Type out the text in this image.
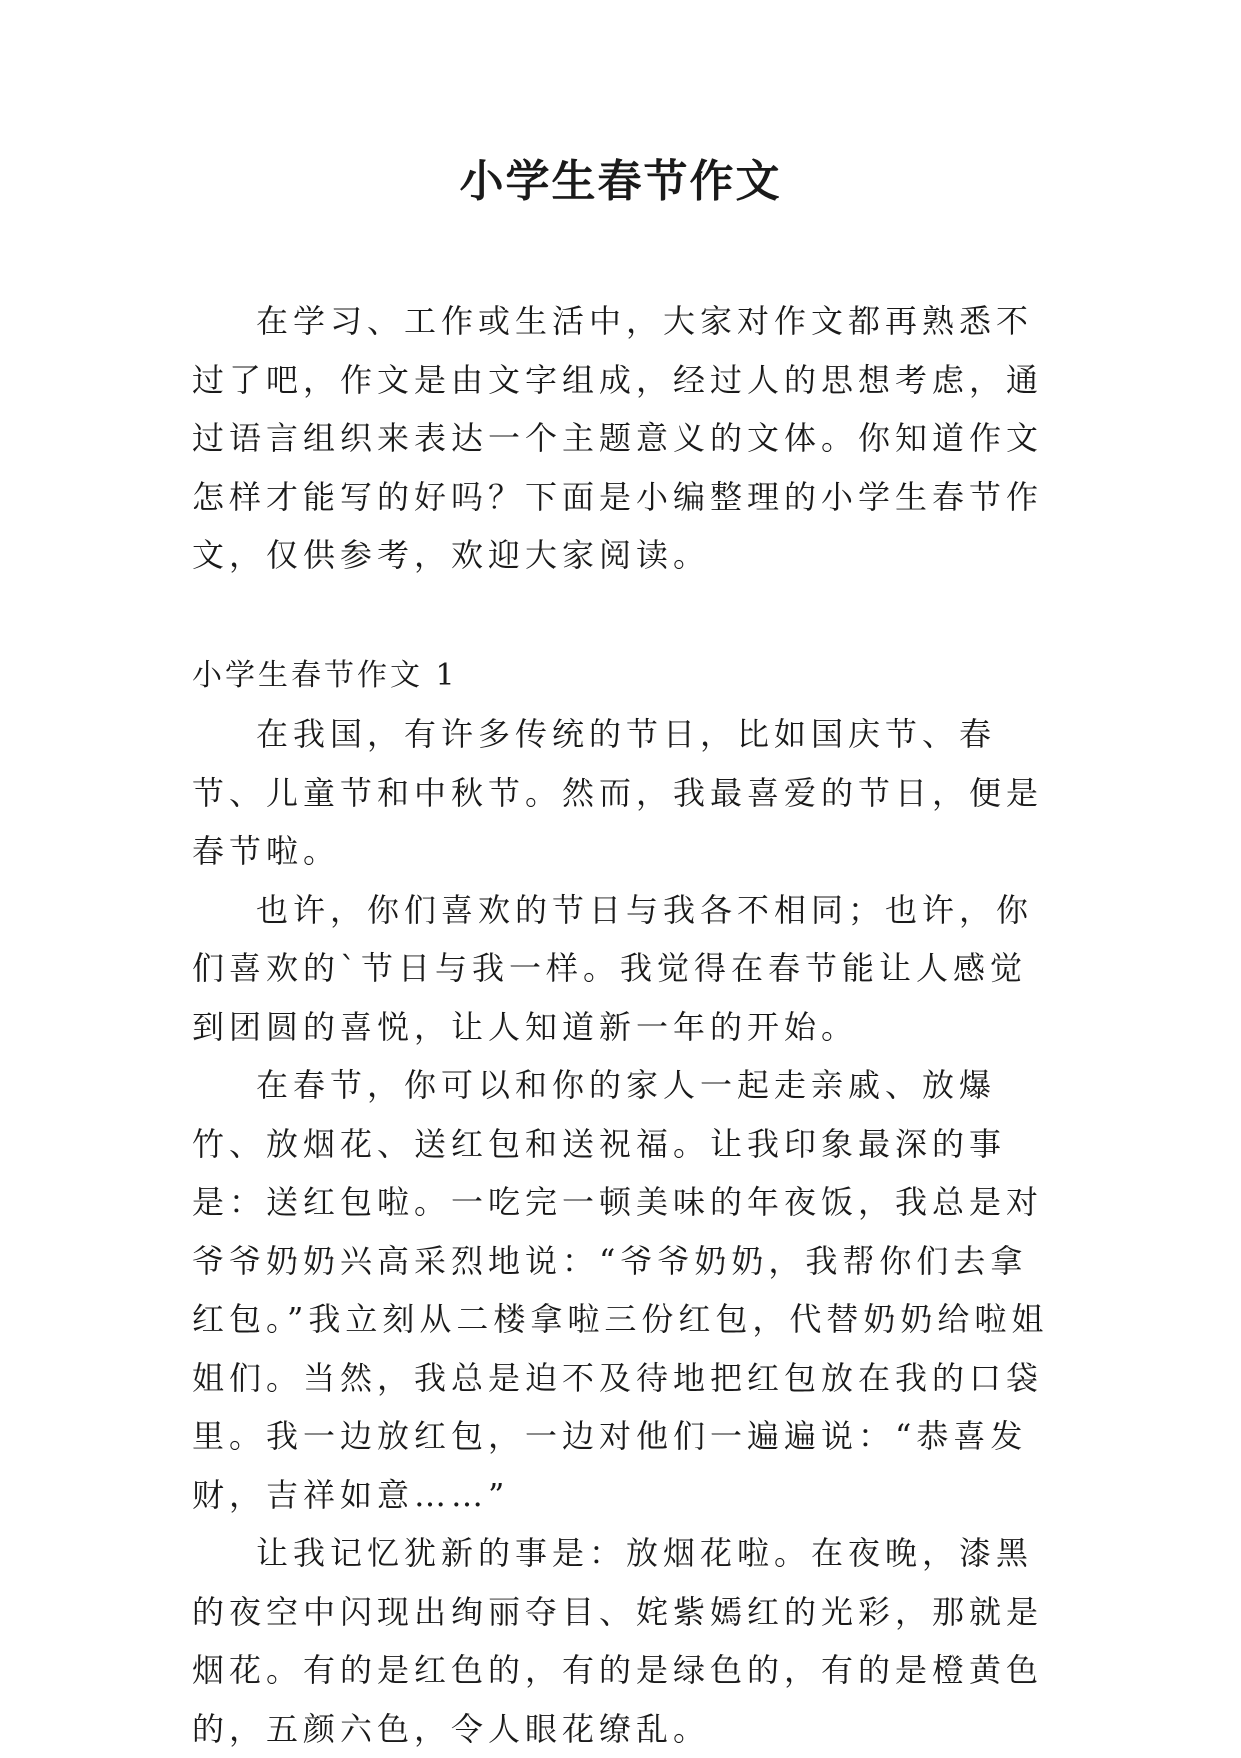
小学生春节作文

在学习、工作或生活中，大家对作文都再熟悉不过了吧，作文是由文字组成，经过人的思想考虑，通过语言组织来表达一个主题意义的文体。你知道作文怎样才能写的好吗？下面是小编整理的小学生春节作文，仅供参考，欢迎大家阅读。

小学生春节作文 1

在我国，有许多传统的节日，比如国庆节、春节、儿童节和中秋节。然而，我最喜爱的节日，便是春节啦。

也许，你们喜欢的节日与我各不相同；也许，你们喜欢的`节日与我一样。我觉得在春节能让人感觉到团圆的喜悦，让人知道新一年的开始。

在春节，你可以和你的家人一起走亲戚、放爆竹、放烟花、送红包和送祝福。让我印象最深的事是：送红包啦。一吃完一顿美味的年夜饭，我总是对爷爷奶奶兴高采烈地说：“爷爷奶奶，我帮你们去拿红包。”我立刻从二楼拿啦三份红包，代替奶奶给啦姐姐们。当然，我总是迫不及待地把红包放在我的口袋里。我一边放红包，一边对他们一遍遍说：“恭喜发财，吉祥如意……”

让我记忆犹新的事是：放烟花啦。在夜晚，漆黑的夜空中闪现出绚丽夺目、姹紫嫣红的光彩，那就是烟花。有的是红色的，有的是绿色的，有的是橙黄色的，五颜六色，令人眼花缭乱。
